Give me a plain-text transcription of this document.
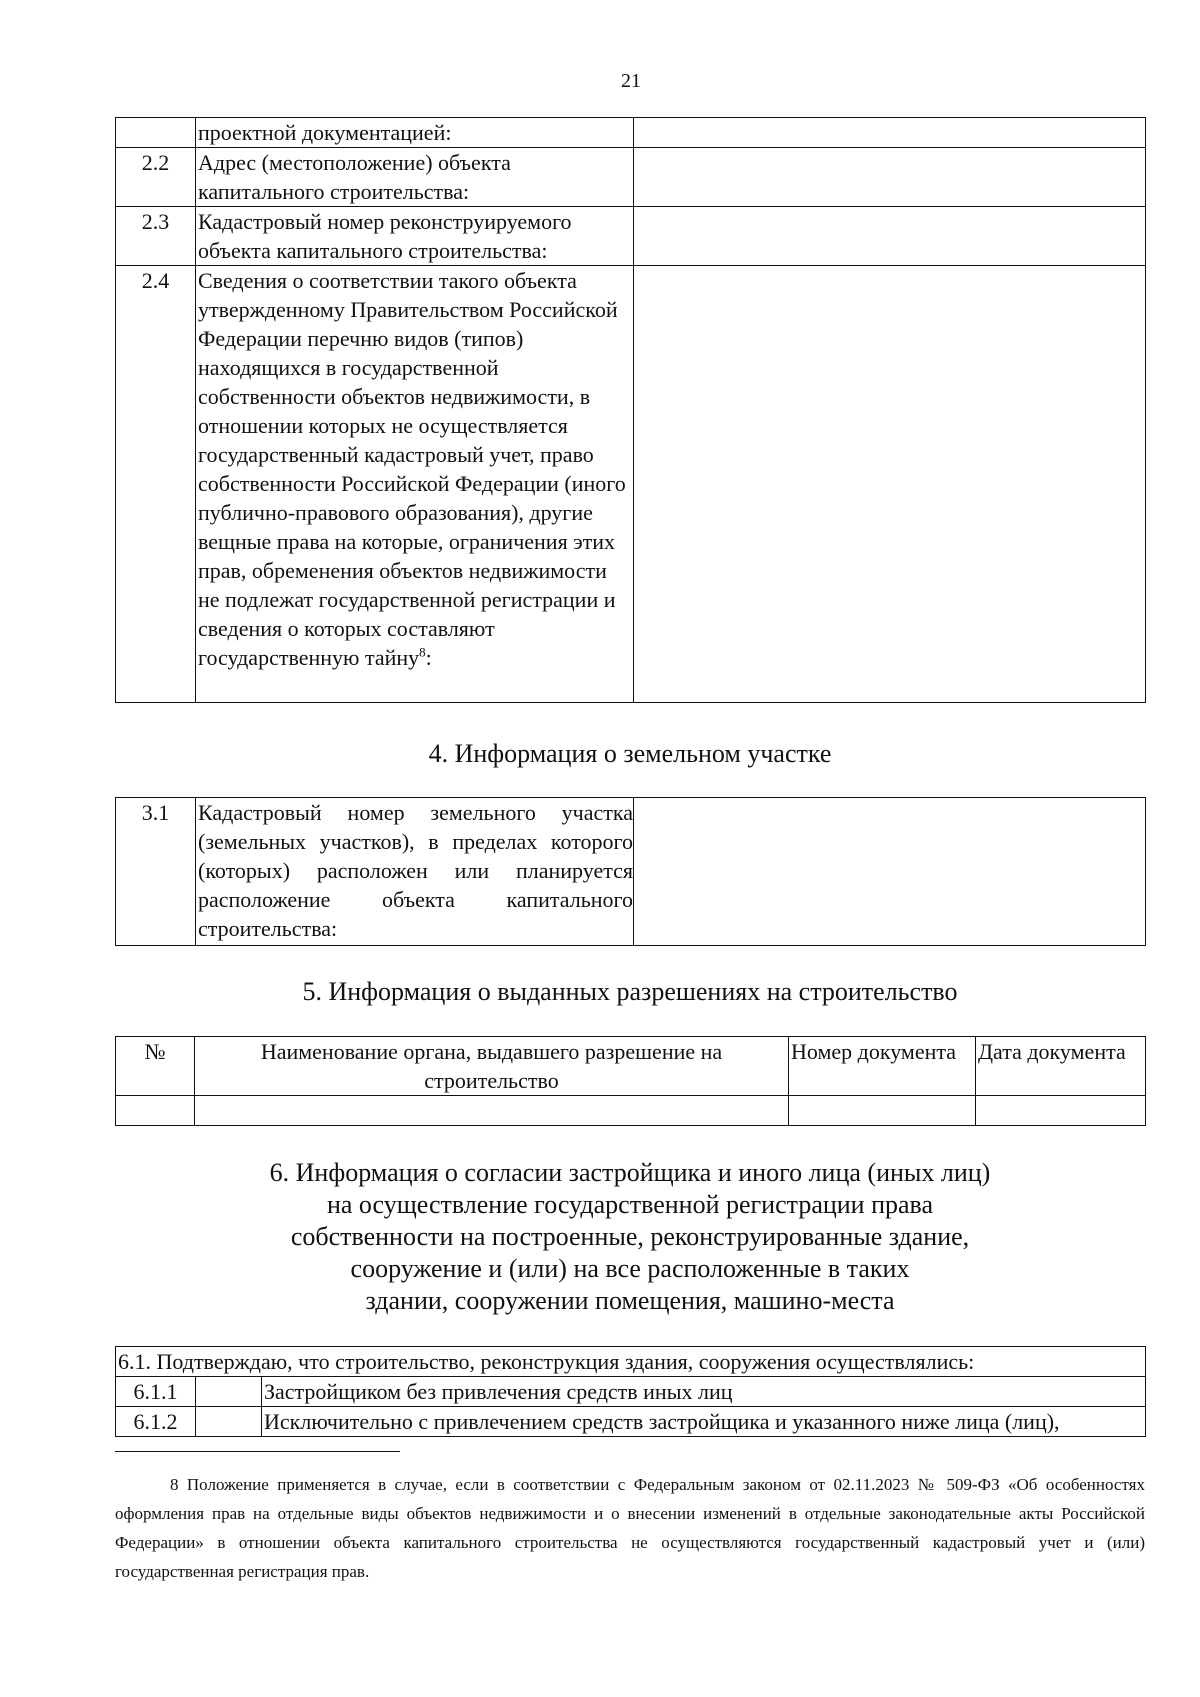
21
	проектной документацией:	
2.2	Адрес (местоположение) объекта капитального строительства:	
2.3	Кадастровый номер реконструируемого объекта капитального строительства:	
2.4	Сведения о соответствии такого объекта утвержденному Правительством Российской Федерации перечню видов (типов) находящихся в государственной собственности объектов недвижимости, в отношении которых не осуществляется государственный кадастровый учет, право собственности Российской Федерации (иного публично-правового образования), другие вещные права на которые, ограничения этих прав, обременения объектов недвижимости не подлежат государственной регистрации и сведения о которых составляют государственную тайну$^8$:	
4. Информация о земельном участке
3.1	Кадастровый номер земельного участка (земельных участков), в пределах которого (которых) расположен или планируется расположение объекта капитального строительства:	
5. Информация о выданных разрешениях на строительство
№	Наименование органа, выдавшего разрешение на строительство	Номер документа	Дата документа

6. Информация о согласии застройщика и иного лица (иных лиц)
на осуществление государственной регистрации права
собственности на построенные, реконструированные здание,
сооружение и (или) на все расположенные в таких
здании, сооружении помещения, машино-места
6.1. Подтверждаю, что строительство, реконструкция здания, сооружения осуществлялись:		
6.1.1		Застройщиком без привлечения средств иных лиц
6.1.2		Исключительно с привлечением средств застройщика и указанного ниже лица (лиц),
8 Положение применяется в случае, если в соответствии с Федеральным законом от 02.11.2023 № 509-ФЗ «Об особенностях оформления прав на отдельные виды объектов недвижимости и о внесении изменений в отдельные законодательные акты Российской Федерации» в отношении объекта капитального строительства не осуществляются государственный кадастровый учет и (или) государственная регистрация прав.
